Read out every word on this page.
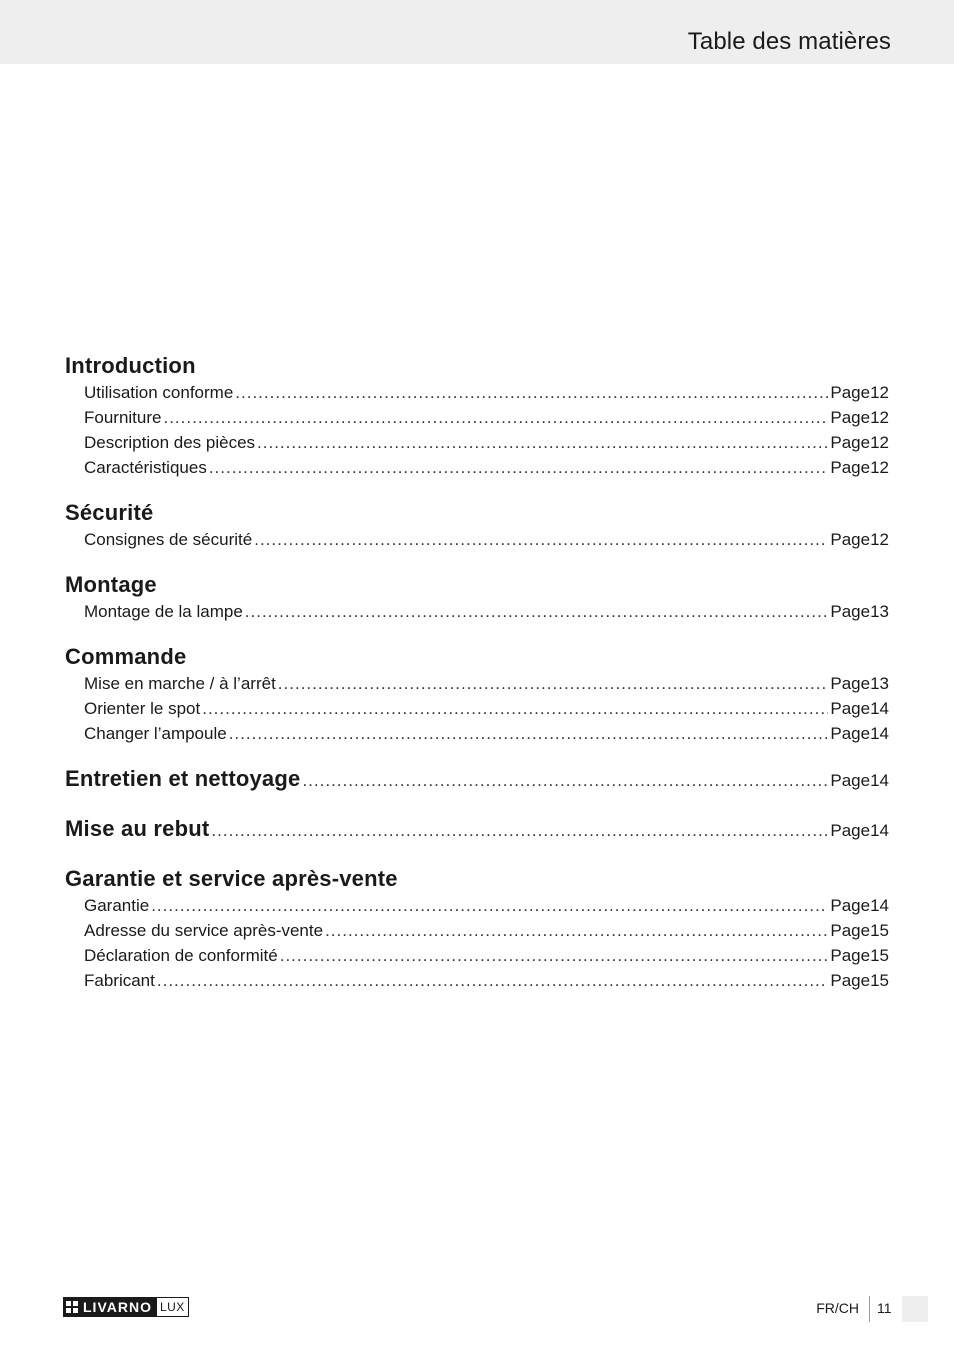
Table des matières
Introduction
Utilisation conforme .....	Page 12
Fourniture .....	Page 12
Description des pièces .....	Page 12
Caractéristiques .....	Page 12
Sécurité
Consignes de sécurité .....	Page 12
Montage
Montage de la lampe .....	Page 13
Commande
Mise en marche / à l’arrêt .....	Page 13
Orienter le spot .....	Page 14
Changer l’ampoule .....	Page 14
Entretien et nettoyage .....	Page 14
Mise au rebut .....	Page 14
Garantie et service après-vente
Garantie .....	Page 14
Adresse du service après-vente .....	Page 15
Déclaration de conformité .....	Page 15
Fabricant .....	Page 15
LIVARNO LUX	FR/CH 11
